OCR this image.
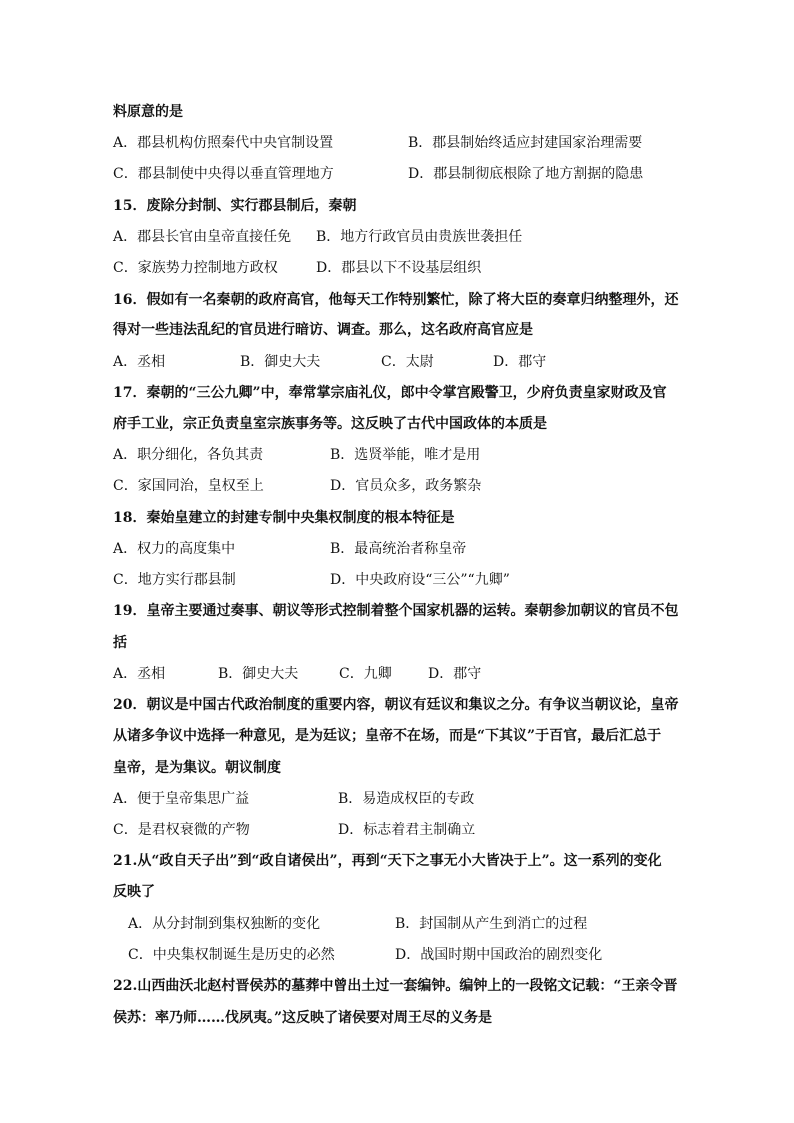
料原意的是
A．郡县机构仿照秦代中央官制设置	B．郡县制始终适应封建国家治理需要
C．郡县制使中央得以垂直管理地方	D．郡县制彻底根除了地方割据的隐患
15．废除分封制、实行郡县制后，秦朝
A．郡县长官由皇帝直接任免 B．地方行政官员由贵族世袭担任
C．家族势力控制地方政权	D．郡县以下不设基层组织
16．假如有一名秦朝的政府高官，他每天工作特别繁忙，除了将大臣的奏章归纳整理外，还
得对一些违法乱纪的官员进行暗访、调查。那么，这名政府高官应是
A．丞相	B．御史大夫	C．太尉	D．郡守
17．秦朝的“三公九卿”中，奉常掌宗庙礼仪，郎中令掌宫殿警卫，少府负责皇家财政及官
府手工业，宗正负责皇室宗族事务等。这反映了古代中国政体的本质是
A．职分细化，各负其责	B．选贤举能，唯才是用
C．家国同治，皇权至上	D．官员众多，政务繁杂
18．秦始皇建立的封建专制中央集权制度的根本特征是
A．权力的高度集中	B．最高统治者称皇帝
C．地方实行郡县制	D．中央政府设“三公”“九卿”
19．皇帝主要通过奏事、朝议等形式控制着整个国家机器的运转。秦朝参加朝议的官员不包
括
A．丞相	B．御史大夫	C．九卿	D．郡守
20．朝议是中国古代政治制度的重要内容，朝议有廷议和集议之分。有争议当朝议论，皇帝
从诸多争议中选择一种意见，是为廷议；皇帝不在场，而是“下其议”于百官，最后汇总于
皇帝，是为集议。朝议制度
A．便于皇帝集思广益	B．易造成权臣的专政
C．是君权衰微的产物	D．标志着君主制确立
21.从“政自天子出”到“政自诸侯出”，再到“天下之事无小大皆决于上”。这一系列的变化
反映了
A．从分封制到集权独断的变化	B．封国制从产生到消亡的过程
C．中央集权制诞生是历史的必然	D．战国时期中国政治的剧烈变化
22.山西曲沃北赵村晋侯苏的墓葬中曾出土过一套编钟。编钟上的一段铭文记载：“王亲令晋
侯苏：率乃师……伐夙夷。”这反映了诸侯要对周王尽的义务是
